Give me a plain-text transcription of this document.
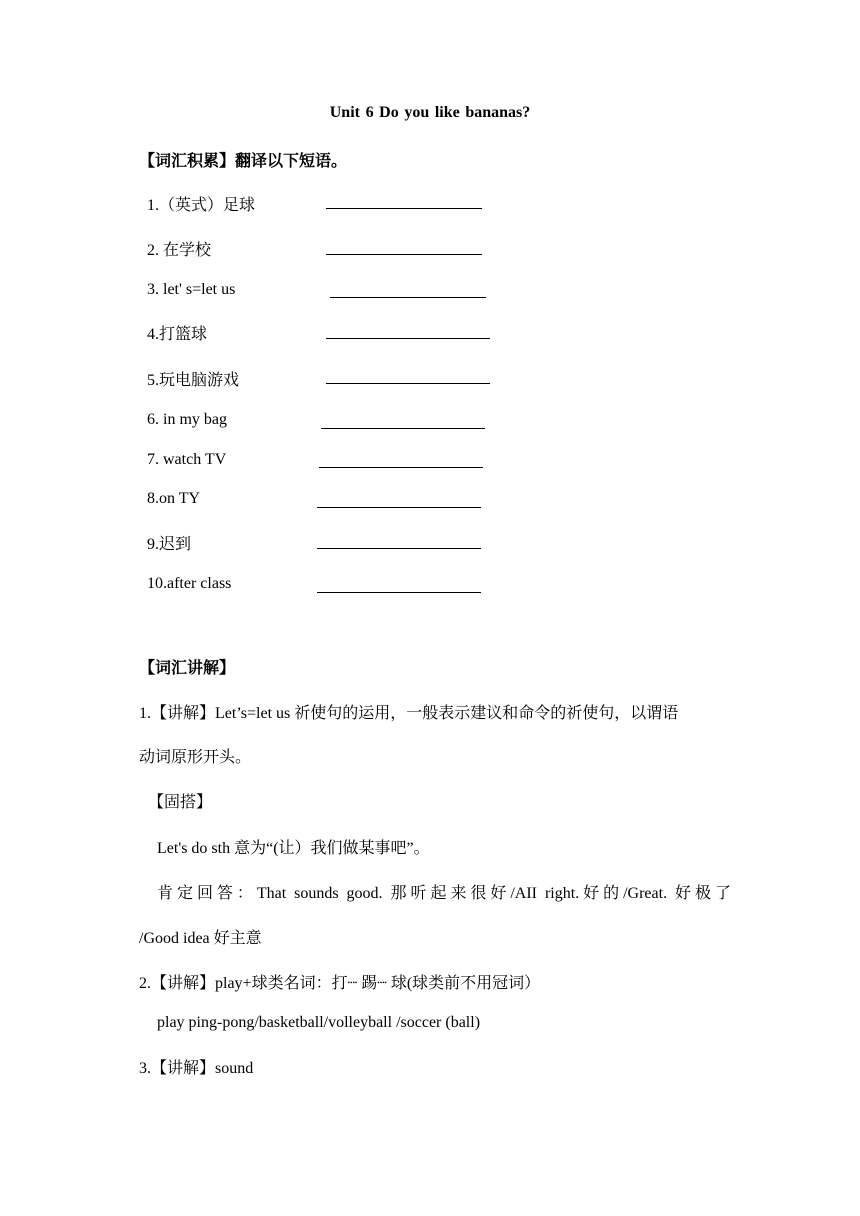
Unit 6 Do you like bananas?
【词汇积累】翻译以下短语。
1.（英式）足球
2. 在学校
3. let' s=let us
4.打篮球
5.玩电脑游戏
6. in my bag
7. watch TV
8.on TY
9.迟到
10.after class
【词汇讲解】
1.【讲解】Let’s=let us 祈使句的运用，一般表示建议和命令的祈使句，以谓语
动词原形开头。
【固搭】
Let's do sth 意为“(让）我们做某事吧”。
肯定回答：That sounds good. 那听起来很好/AII right.好的/Great. 好极了
/Good idea 好主意
2.【讲解】play+球类名词：打┈ 踢┈ 球(球类前不用冠词）
play ping-pong/basketball/volleyball /soccer (ball)
3.【讲解】sound
